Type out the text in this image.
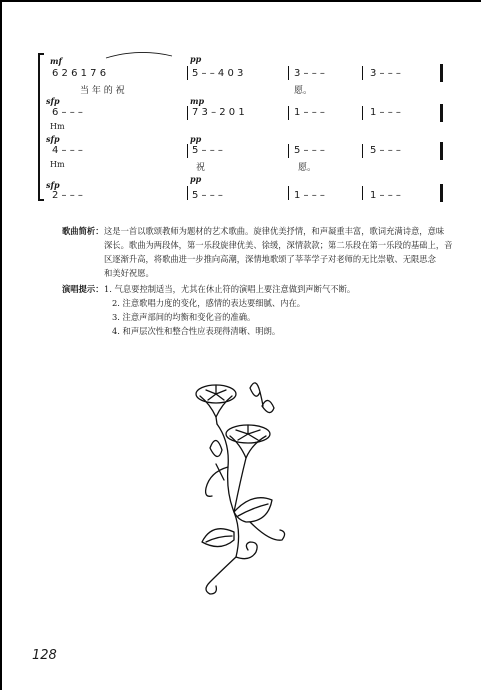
mf	pp
6 2 6 1 7 6	5 – – 4 0 3	3 – – –	3 – – –
当 年 的 祝	愿。
sfp	mp
6 – – –	7 3 – 2 0 1	1 – – –	1 – – –
Hm
sfp	pp
4 – – –	5 – – –	5 – – –	5 – – –
Hm	祝	愿。
pp
sfp
2 – – –	5 – – –	1 – – –	1 – – –
歌曲简析： 这是一首以歌颂教师为题材的艺术歌曲。旋律优美抒情，和声凝重丰富，歌词充满诗意，意味
深长。歌曲为两段体，第一乐段旋律优美、徐缓，深情款款；第二乐段在第一乐段的基础上，音
区逐渐升高，将歌曲进一步推向高潮，深情地歌颂了莘莘学子对老师的无比崇敬、无限思念
和美好祝愿。
演唱提示： 1. 气息要控制适当，尤其在休止符的演唱上要注意做到声断气不断。
2. 注意歌唱力度的变化，感情的表达要细腻、内在。
3. 注意声部间的均衡和变化音的准确。
4. 和声层次性和整合性应表现得清晰、明朗。
128
